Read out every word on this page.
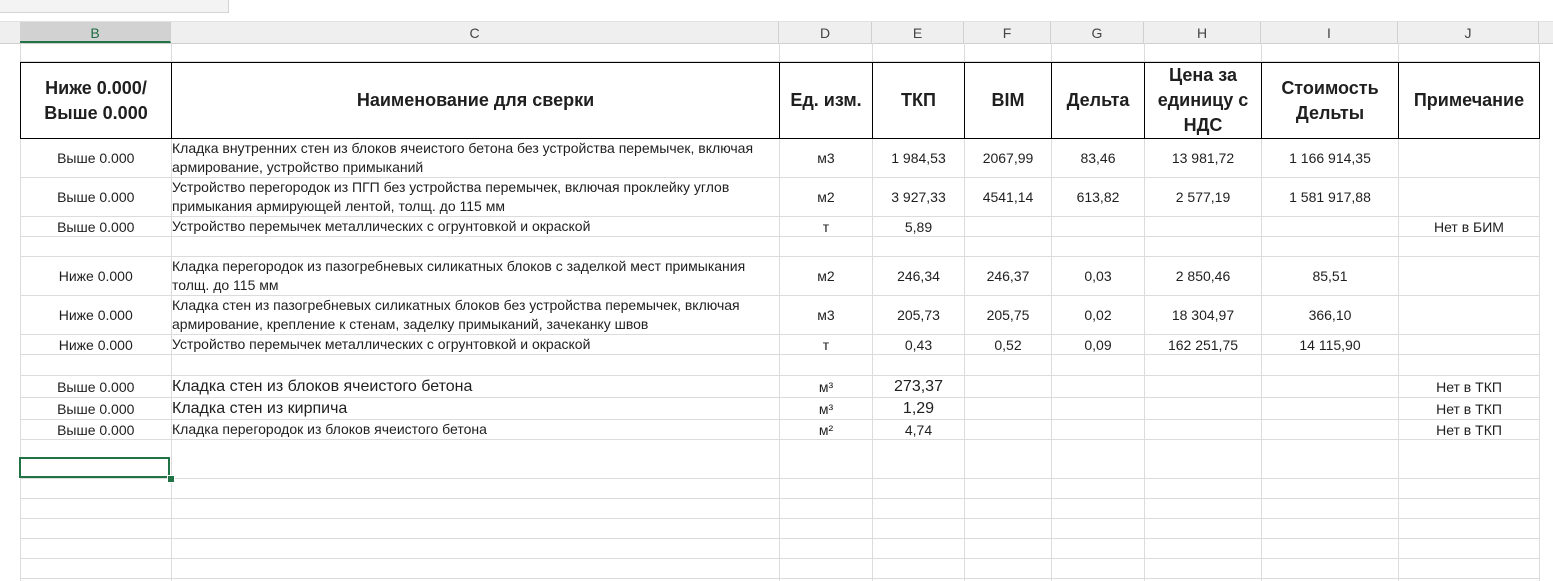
B	C	D	E	F	G	H	I	J
Ниже 0.000/Выше 0.000	Наименование для сверки	Ед. изм.	ТКП	BIM	Дельта	Цена за единицу с НДС	Стоимость Дельты	Примечание
Выше 0.000	Кладка внутренних стен из блоков ячеистого бетона без устройства перемычек, включая армирование, устройство примыканий	м3	1 984,53	2067,99	83,46	13 981,72	1 166 914,35	
Выше 0.000	Устройство перегородок из ПГП без устройства перемычек, включая проклейку углов примыкания армирующей лентой, толщ. до 115 мм	м2	3 927,33	4541,14	613,82	2 577,19	1 581 917,88	
Выше 0.000	Устройство перемычек металлических с огрунтовкой и окраской	т	5,89					Нет в БИМ

Ниже 0.000	Кладка перегородок из пазогребневых силикатных блоков с заделкой мест примыкания толщ. до 115 мм	м2	246,34	246,37	0,03	2 850,46	85,51	
Ниже 0.000	Кладка стен из пазогребневых силикатных блоков без устройства перемычек, включая армирование, крепление к стенам, заделку примыканий, зачеканку швов	м3	205,73	205,75	0,02	18 304,97	366,10	
Ниже 0.000	Устройство перемычек металлических с огрунтовкой и окраской	т	0,43	0,52	0,09	162 251,75	14 115,90	

Выше 0.000	Кладка стен из блоков ячеистого бетона	м³	273,37					Нет в ТКП
Выше 0.000	Кладка стен из кирпича	м³	1,29					Нет в ТКП
Выше 0.000	Кладка перегородок из блоков ячеистого бетона	м²	4,74					Нет в ТКП
